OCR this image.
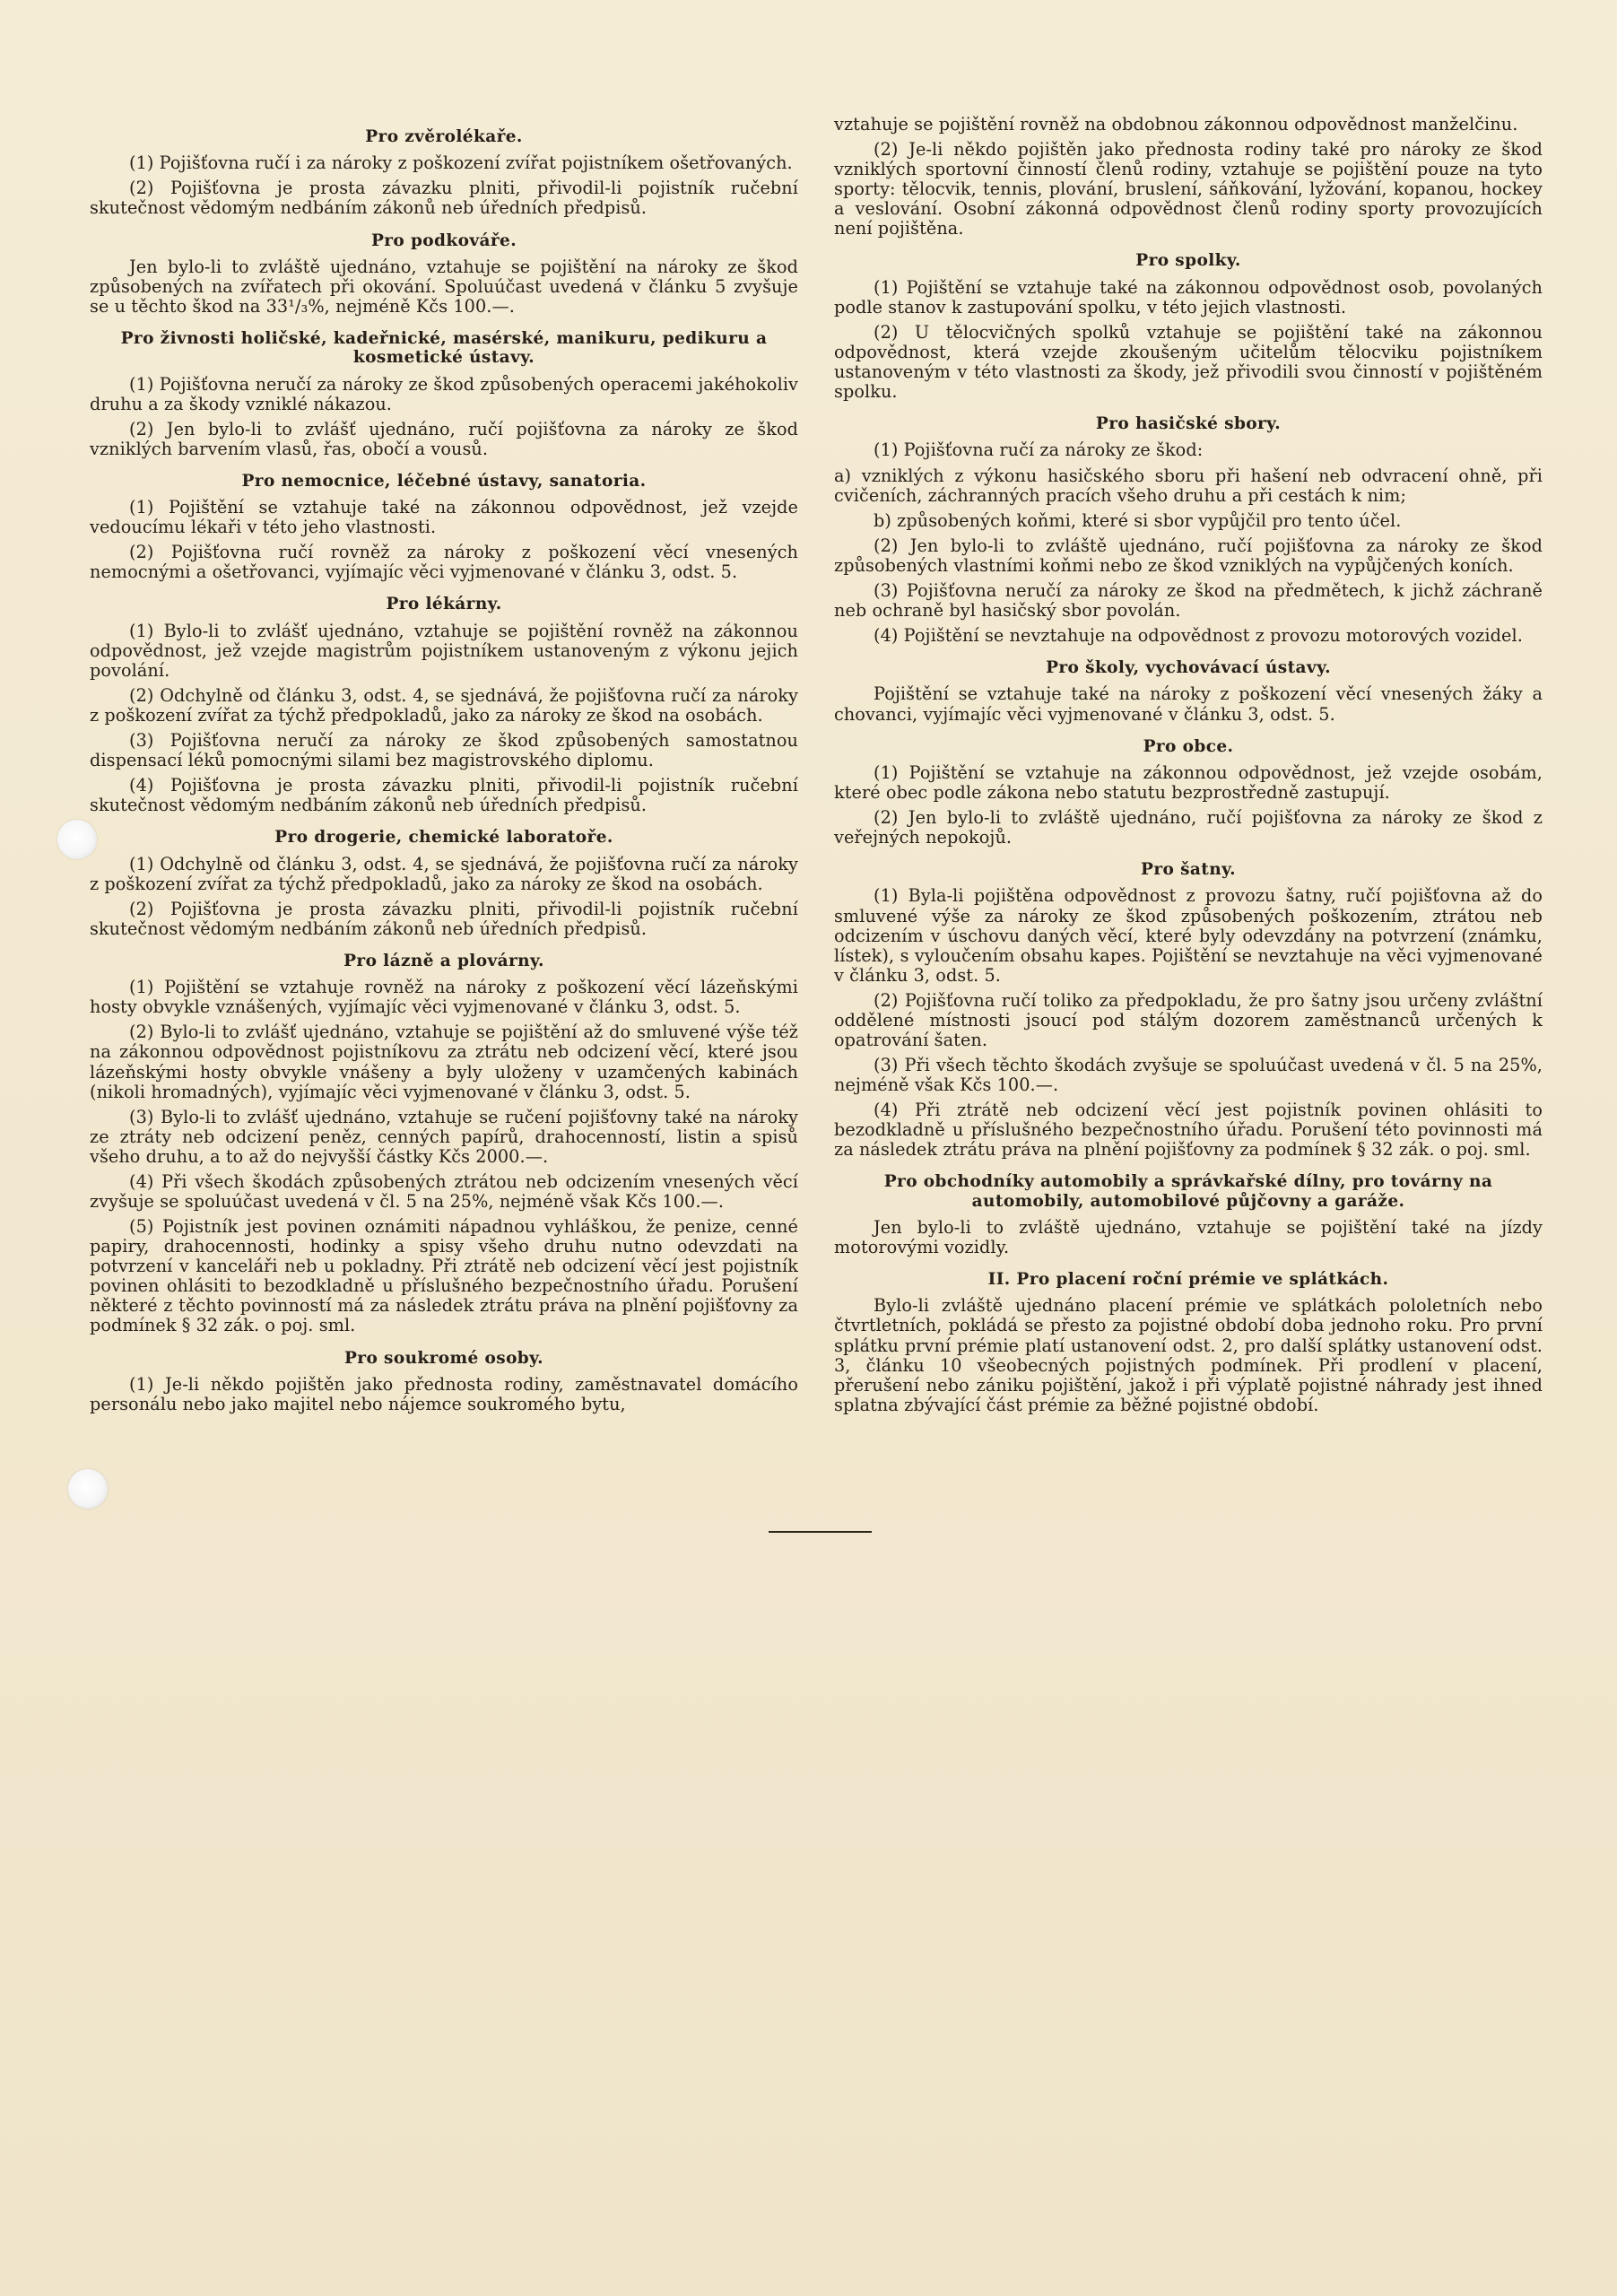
Pro zvěrolékaře.

(1) Pojišťovna ručí i za nároky z poškození zvířat pojistníkem ošetřovaných.

(2) Pojišťovna je prosta závazku plniti, přivodil-li pojistník ručební skutečnost vědomým nedbáním zákonů neb úředních předpisů.

Pro podkováře.

Jen bylo-li to zvláště ujednáno, vztahuje se pojištění na nároky ze škod způsobených na zvířatech při okování. Spoluúčast uvedená v článku 5 zvyšuje se u těchto škod na 33¹/₃%, nejméně Kčs 100.—.

Pro živnosti holičské, kadeřnické, masérské, manikuru, pedikuru a kosmetické ústavy.

(1) Pojišťovna neručí za nároky ze škod způsobených operacemi jakéhokoliv druhu a za škody vzniklé nákazou.

(2) Jen bylo-li to zvlášť ujednáno, ručí pojišťovna za nároky ze škod vzniklých barvením vlasů, řas, obočí a vousů.

Pro nemocnice, léčebné ústavy, sanatoria.

(1) Pojištění se vztahuje také na zákonnou odpovědnost, jež vzejde vedoucímu lékaři v této jeho vlastnosti.

(2) Pojišťovna ručí rovněž za nároky z poškození věcí vnesených nemocnými a ošetřovanci, vyjímajíc věci vyjmenované v článku 3, odst. 5.

Pro lékárny.

(1) Bylo-li to zvlášť ujednáno, vztahuje se pojištění rovněž na zákonnou odpovědnost, jež vzejde magistrům pojistníkem ustanoveným z výkonu jejich povolání.

(2) Odchylně od článku 3, odst. 4, se sjednává, že pojišťovna ručí za nároky z poškození zvířat za týchž předpokladů, jako za nároky ze škod na osobách.

(3) Pojišťovna neručí za nároky ze škod způsobených samostatnou dispensací léků pomocnými silami bez magistrovského diplomu.

(4) Pojišťovna je prosta závazku plniti, přivodil-li pojistník ručební skutečnost vědomým nedbáním zákonů neb úředních předpisů.

Pro drogerie, chemické laboratoře.

(1) Odchylně od článku 3, odst. 4, se sjednává, že pojišťovna ručí za nároky z poškození zvířat za týchž předpokladů, jako za nároky ze škod na osobách.

(2) Pojišťovna je prosta závazku plniti, přivodil-li pojistník ručební skutečnost vědomým nedbáním zákonů neb úředních předpisů.

Pro lázně a plovárny.

(1) Pojištění se vztahuje rovněž na nároky z poškození věcí lázeňskými hosty obvykle vznášených, vyjímajíc věci vyjmenované v článku 3, odst. 5.

(2) Bylo-li to zvlášť ujednáno, vztahuje se pojištění až do smluvené výše též na zákonnou odpovědnost pojistníkovu za ztrátu neb odcizení věcí, které jsou lázeňskými hosty obvykle vnášeny a byly uloženy v uzamčených kabinách (nikoli hromadných), vyjímajíc věci vyjmenované v článku 3, odst. 5.

(3) Bylo-li to zvlášť ujednáno, vztahuje se ručení pojišťovny také na nároky ze ztráty neb odcizení peněz, cenných papírů, drahocenností, listin a spisů všeho druhu, a to až do nejvyšší částky Kčs 2000.—.

(4) Při všech škodách způsobených ztrátou neb odcizením vnesených věcí zvyšuje se spoluúčast uvedená v čl. 5 na 25%, nejméně však Kčs 100.—.

(5) Pojistník jest povinen oznámiti nápadnou vyhláškou, že penize, cenné papiry, drahocennosti, hodinky a spisy všeho druhu nutno odevzdati na potvrzení v kanceláři neb u pokladny. Při ztrátě neb odcizení věcí jest pojistník povinen ohlásiti to bezodkladně u příslušného bezpečnostního úřadu. Porušení některé z těchto povinností má za následek ztrátu práva na plnění pojišťovny za podmínek § 32 zák. o poj. sml.

Pro soukromé osoby.

(1) Je-li někdo pojištěn jako přednosta rodiny, zaměstnavatel domácího personálu nebo jako majitel nebo nájemce soukromého bytu,

vztahuje se pojištění rovněž na obdobnou zákonnou odpovědnost manželčinu.

(2) Je-li někdo pojištěn jako přednosta rodiny také pro nároky ze škod vzniklých sportovní činností členů rodiny, vztahuje se pojištění pouze na tyto sporty: tělocvik, tennis, plování, bruslení, sáňkování, lyžování, kopanou, hockey a veslování. Osobní zákonná odpovědnost členů rodiny sporty provozujících není pojištěna.

Pro spolky.

(1) Pojištění se vztahuje také na zákonnou odpovědnost osob, povolaných podle stanov k zastupování spolku, v této jejich vlastnosti.

(2) U tělocvičných spolků vztahuje se pojištění také na zákonnou odpovědnost, která vzejde zkoušeným učitelům tělocviku pojistníkem ustanoveným v této vlastnosti za škody, jež přivodili svou činností v pojištěném spolku.

Pro hasičské sbory.

(1) Pojišťovna ručí za nároky ze škod:

a) vzniklých z výkonu hasičského sboru při hašení neb odvracení ohně, při cvičeních, záchranných pracích všeho druhu a při cestách k nim;

b) způsobených koňmi, které si sbor vypůjčil pro tento účel.

(2) Jen bylo-li to zvláště ujednáno, ručí pojišťovna za nároky ze škod způsobených vlastními koňmi nebo ze škod vzniklých na vypůjčených koních.

(3) Pojišťovna neručí za nároky ze škod na předmětech, k jichž záchraně neb ochraně byl hasičský sbor povolán.

(4) Pojištění se nevztahuje na odpovědnost z provozu motorových vozidel.

Pro školy, vychovávací ústavy.

Pojištění se vztahuje také na nároky z poškození věcí vnesených žáky a chovanci, vyjímajíc věci vyjmenované v článku 3, odst. 5.

Pro obce.

(1) Pojištění se vztahuje na zákonnou odpovědnost, jež vzejde osobám, které obec podle zákona nebo statutu bezprostředně zastupují.

(2) Jen bylo-li to zvláště ujednáno, ručí pojišťovna za nároky ze škod z veřejných nepokojů.

Pro šatny.

(1) Byla-li pojištěna odpovědnost z provozu šatny, ručí pojišťovna až do smluvené výše za nároky ze škod způsobených poškozením, ztrátou neb odcizením v úschovu daných věcí, které byly odevzdány na potvrzení (známku, lístek), s vyloučením obsahu kapes. Pojištění se nevztahuje na věci vyjmenované v článku 3, odst. 5.

(2) Pojišťovna ručí toliko za předpokladu, že pro šatny jsou určeny zvláštní oddělené místnosti jsoucí pod stálým dozorem zaměstnanců určených k opatrování šaten.

(3) Při všech těchto škodách zvyšuje se spoluúčast uvedená v čl. 5 na 25%, nejméně však Kčs 100.—.

(4) Při ztrátě neb odcizení věcí jest pojistník povinen ohlásiti to bezodkladně u příslušného bezpečnostního úřadu. Porušení této povinnosti má za následek ztrátu práva na plnění pojišťovny za podmínek § 32 zák. o poj. sml.

Pro obchodníky automobily a správkařské dílny, pro továrny na automobily, automobilové půjčovny a garáže.

Jen bylo-li to zvláště ujednáno, vztahuje se pojištění také na jízdy motorovými vozidly.

II. Pro placení roční prémie ve splátkách.

Bylo-li zvláště ujednáno placení prémie ve splátkách pololetních nebo čtvrtletních, pokládá se přesto za pojistné období doba jednoho roku. Pro první splátku první prémie platí ustanovení odst. 2, pro další splátky ustanovení odst. 3, článku 10 všeobecných pojistných podmínek. Při prodlení v placení, přerušení nebo zániku pojištění, jakož i při výplatě pojistné náhrady jest ihned splatna zbývající část prémie za běžné pojistné období.
